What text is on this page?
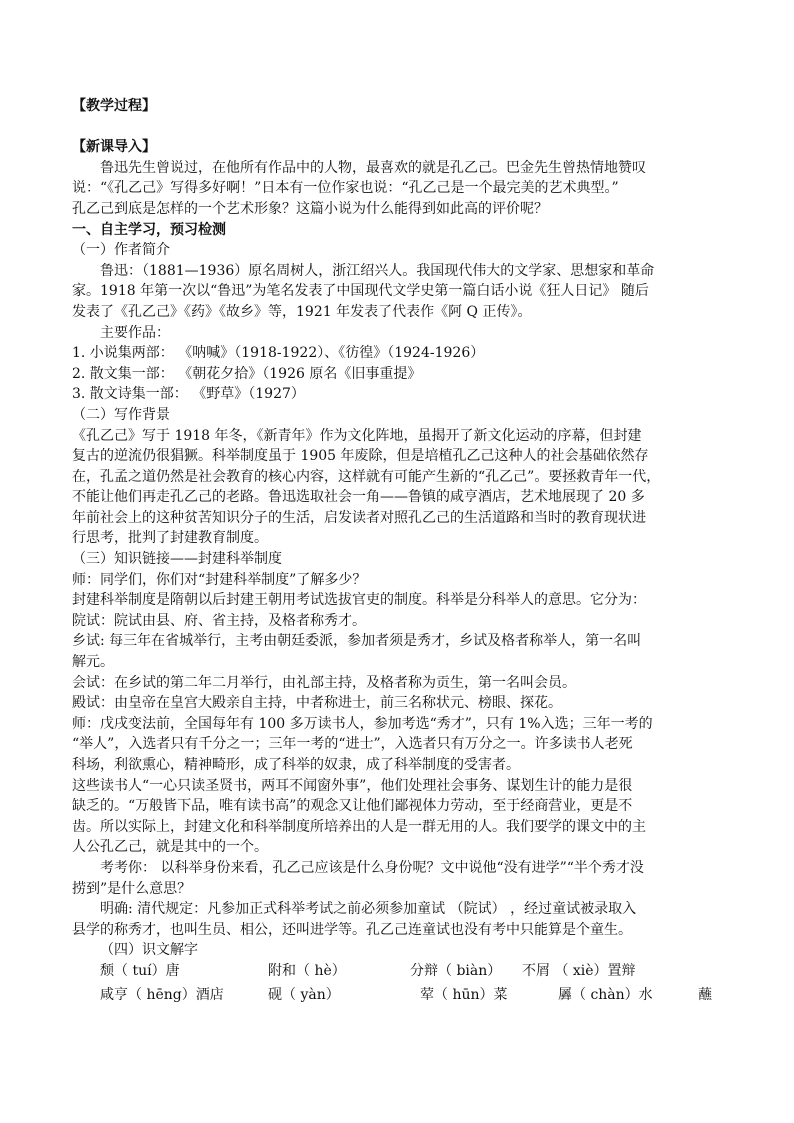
【教学过程】
【新课导入】
鲁迅先生曾说过，在他所有作品中的人物，最喜欢的就是孔乙己。巴金先生曾热情地赞叹
说：“《孔乙己》写得多好啊！”日本有一位作家也说：“孔乙己是一个最完美的艺术典型。”
孔乙己到底是怎样的一个艺术形象？这篇小说为什么能得到如此高的评价呢？
一、自主学习，预习检测
（一）作者简介
鲁迅：（1881—1936）原名周树人，浙江绍兴人。我国现代伟大的文学家、思想家和革命
家。1918 年第一次以“鲁迅”为笔名发表了中国现代文学史第一篇白话小说《狂人日记》 随后
发表了《孔乙己》《药》《故乡》等，1921 年发表了代表作《阿 Q 正传》。
主要作品：
1. 小说集两部： 《呐喊》（1918-1922）、《彷徨》（1924-1926）
2. 散文集一部： 《朝花夕拾》（1926 原名《旧事重提》
3. 散文诗集一部： 《野草》（1927）
（二）写作背景
《孔乙己》写于 1918 年冬，《新青年》作为文化阵地，虽揭开了新文化运动的序幕，但封建
复古的逆流仍很猖獗。科举制度虽于 1905 年废除，但是培植孔乙己这种人的社会基础依然存
在，孔孟之道仍然是社会教育的核心内容，这样就有可能产生新的“孔乙己”。要拯救青年一代，
不能让他们再走孔乙己的老路。鲁迅选取社会一角——鲁镇的咸亨酒店，艺术地展现了 20 多
年前社会上的这种贫苦知识分子的生活，启发读者对照孔乙己的生活道路和当时的教育现状进
行思考，批判了封建教育制度。
（三）知识链接——封建科举制度
师：同学们，你们对“封建科举制度”了解多少？
封建科举制度是隋朝以后封建王朝用考试选拔官吏的制度。科举是分科举人的意思。它分为：
院试：院试由县、府、省主持，及格者称秀才。
乡试: 每三年在省城举行，主考由朝廷委派，参加者须是秀才，乡试及格者称举人，第一名叫
解元。
会试：在乡试的第二年二月举行，由礼部主持，及格者称为贡生，第一名叫会员。
殿试：由皇帝在皇宫大殿亲自主持，中者称进士，前三名称状元、榜眼、探花。
师：戊戌变法前，全国每年有 100 多万读书人，参加考选“秀才”，只有 1%入选；三年一考的
“举人”，入选者只有千分之一；三年一考的“进士”，入选者只有万分之一。许多读书人老死
科场，利欲熏心，精神畸形，成了科举的奴隶，成了科举制度的受害者。
这些读书人“一心只读圣贤书，两耳不闻窗外事”，他们处理社会事务、谋划生计的能力是很
缺乏的。“万般皆下品，唯有读书高”的观念又让他们鄙视体力劳动，至于经商营业，更是不
齿。所以实际上，封建文化和科举制度所培养出的人是一群无用的人。我们要学的课文中的主
人公孔乙己，就是其中的一个。
考考你： 以科举身份来看，孔乙己应该是什么身份呢？文中说他“没有进学”“半个秀才没
捞到”是什么意思？
明确: 清代规定：凡参加正式科举考试之前必须参加童试 （院试） ，经过童试被录取入
县学的称秀才，也叫生员、相公，还叫进学等。孔乙己连童试也没有考中只能算是个童生。
（四）识文解字
颓（ tuí）唐	附和（ hè）	分辩（ biàn） 不屑 （ xiè）置辩
咸亨（ hēng）酒店	砚（ yàn）	荤（ hūn）菜	羼（ chàn）水	蘸
